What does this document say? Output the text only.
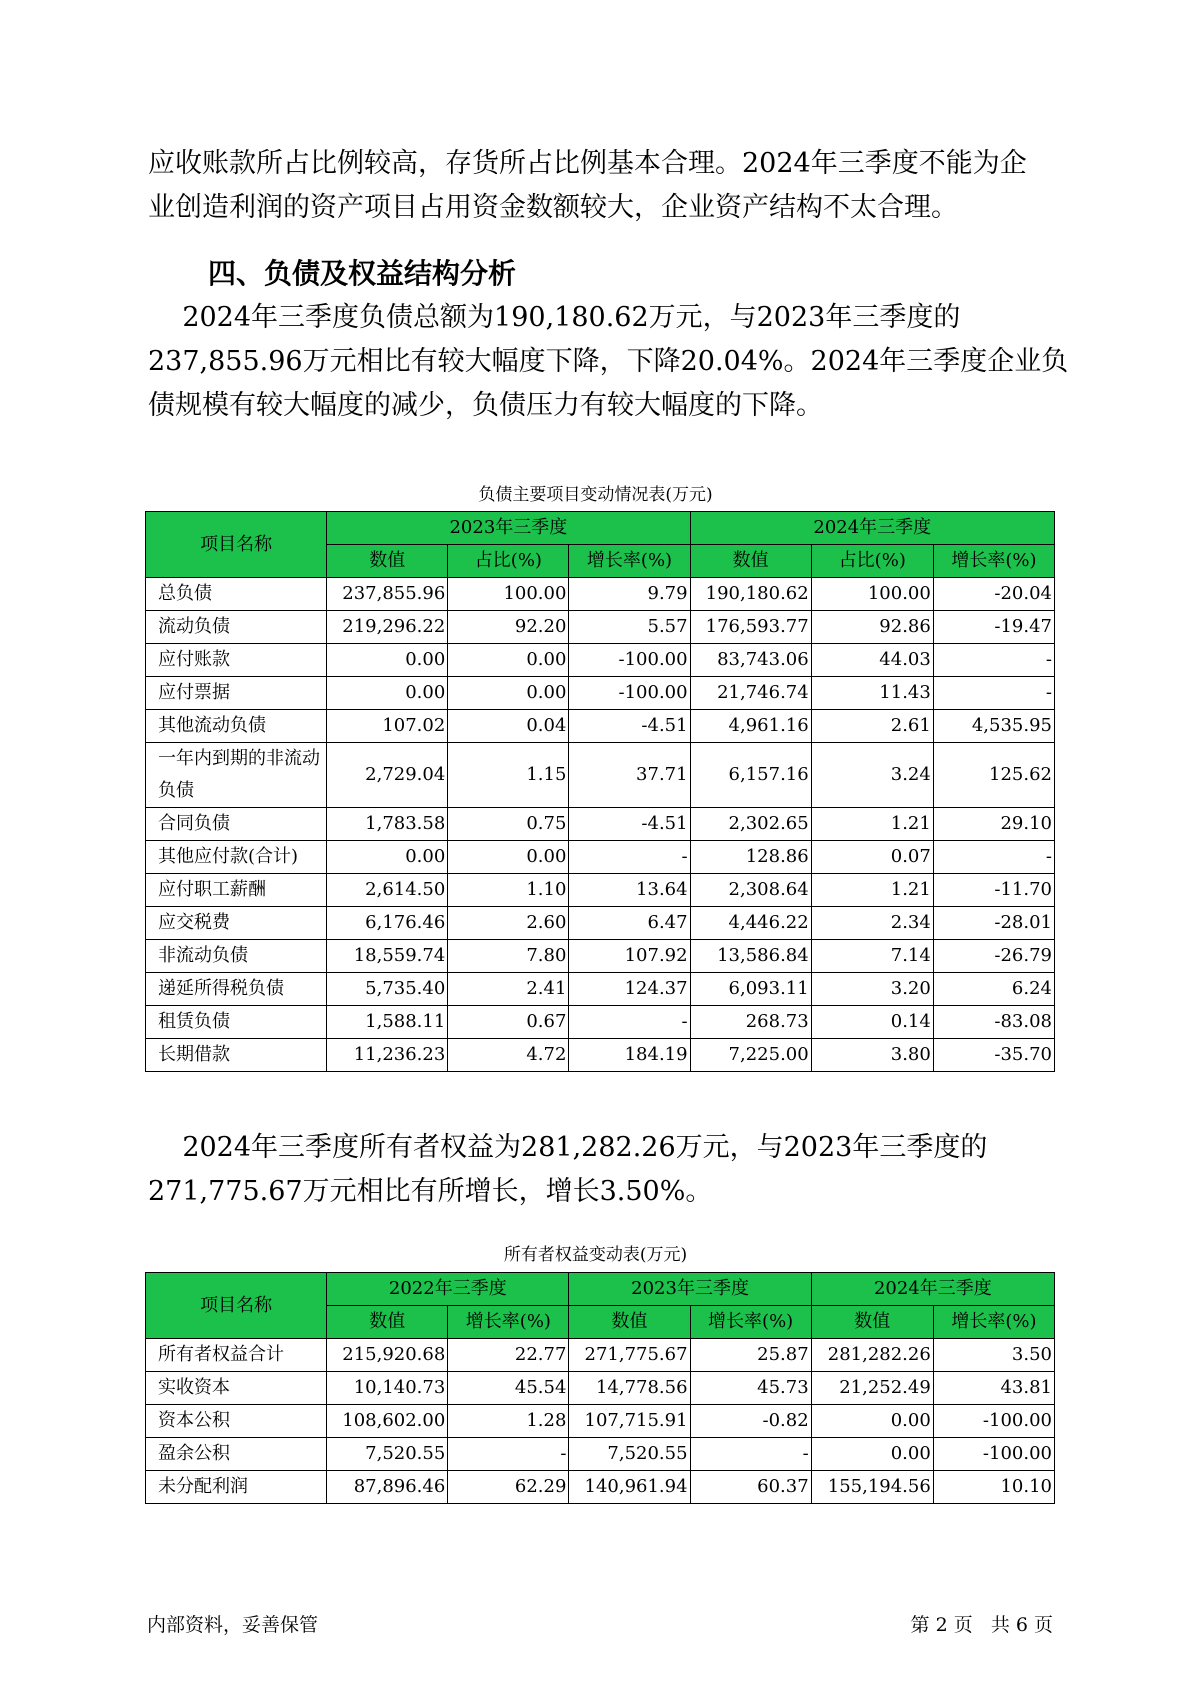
应收账款所占比例较高，存货所占比例基本合理。2024年三季度不能为企
业创造利润的资产项目占用资金数额较大，企业资产结构不太合理。
四、负债及权益结构分析
2024年三季度负债总额为190,180.62万元，与2023年三季度的
237,855.96万元相比有较大幅度下降，下降20.04%。2024年三季度企业负
债规模有较大幅度的减少，负债压力有较大幅度的下降。

负债主要项目变动情况表(万元)

项目名称	2023年三季度			2024年三季度		
	数值	占比(%)	增长率(%)	数值	占比(%)	增长率(%)
总负债	237,855.96	100.00	9.79	190,180.62	100.00	-20.04
流动负债	219,296.22	92.20	5.57	176,593.77	92.86	-19.47
应付账款	0.00	0.00	-100.00	83,743.06	44.03	-
应付票据	0.00	0.00	-100.00	21,746.74	11.43	-
其他流动负债	107.02	0.04	-4.51	4,961.16	2.61	4,535.95
一年内到期的非流动负债	2,729.04	1.15	37.71	6,157.16	3.24	125.62
合同负债	1,783.58	0.75	-4.51	2,302.65	1.21	29.10
其他应付款(合计)	0.00	0.00	-	128.86	0.07	-
应付职工薪酬	2,614.50	1.10	13.64	2,308.64	1.21	-11.70
应交税费	6,176.46	2.60	6.47	4,446.22	2.34	-28.01
非流动负债	18,559.74	7.80	107.92	13,586.84	7.14	-26.79
递延所得税负债	5,735.40	2.41	124.37	6,093.11	3.20	6.24
租赁负债	1,588.11	0.67	-	268.73	0.14	-83.08
长期借款	11,236.23	4.72	184.19	7,225.00	3.80	-35.70
2024年三季度所有者权益为281,282.26万元，与2023年三季度的
271,775.67万元相比有所增长，增长3.50%。

所有者权益变动表(万元)

项目名称	2022年三季度		2023年三季度		2024年三季度	
	数值	增长率(%)	数值	增长率(%)	数值	增长率(%)
所有者权益合计	215,920.68	22.77	271,775.67	25.87	281,282.26	3.50
实收资本	10,140.73	45.54	14,778.56	45.73	21,252.49	43.81
资本公积	108,602.00	1.28	107,715.91	-0.82	0.00	-100.00
盈余公积	7,520.55	-	7,520.55	-	0.00	-100.00
未分配利润	87,896.46	62.29	140,961.94	60.37	155,194.56	10.10

内部资料，妥善保管	第 2 页   共 6 页
